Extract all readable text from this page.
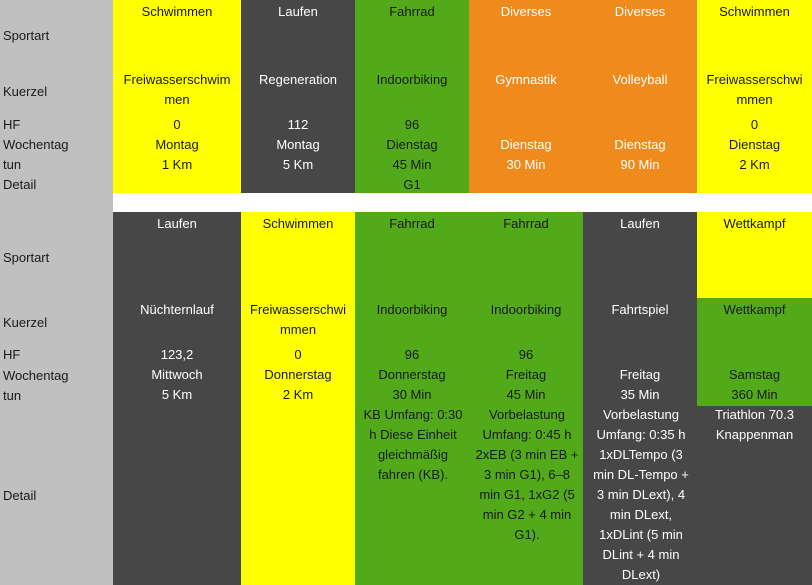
Sportart
Kuerzel
HF
Wochentag
tun
Detail
Sportart
Kuerzel
HF
Wochentag
tun
Detail
Schwimmen
Freiwasserschwim
men
0
Montag
1 Km
Laufen
Regeneration
112
Montag
5 Km
Fahrrad
Indoorbiking
96
Dienstag
45 Min
G1
Diverses
Gymnastik
Dienstag
30 Min
Diverses
Volleyball
Dienstag
90 Min
Schwimmen
Freiwasserschwi
mmen
0
Dienstag
2 Km
Laufen
Nüchternlauf
123,2
Mittwoch
5 Km
Schwimmen
Freiwasserschwi
mmen
0
Donnerstag
2 Km
Fahrrad
Indoorbiking
96
Donnerstag
30 Min
KB Umfang: 0:30 h Diese Einheit gleichmäßig fahren (KB).
Fahrrad
Indoorbiking
96
Freitag
45 Min
Vorbelastung Umfang: 0:45 h 2xEB (3 min EB + 3 min G1), 6–8 min G1, 1xG2 (5 min G2 + 4 min G1).
Laufen
Fahrtspiel
Freitag
35 Min
Vorbelastung Umfang: 0:35 h 1xDLTempo (3 min DL-Tempo + 3 min DLext), 4 min DLext, 1xDLint (5 min DLint + 4 min DLext)
Wettkampf
Wettkampf
Samstag
360 Min
Triathlon 70.3 Knappenman
